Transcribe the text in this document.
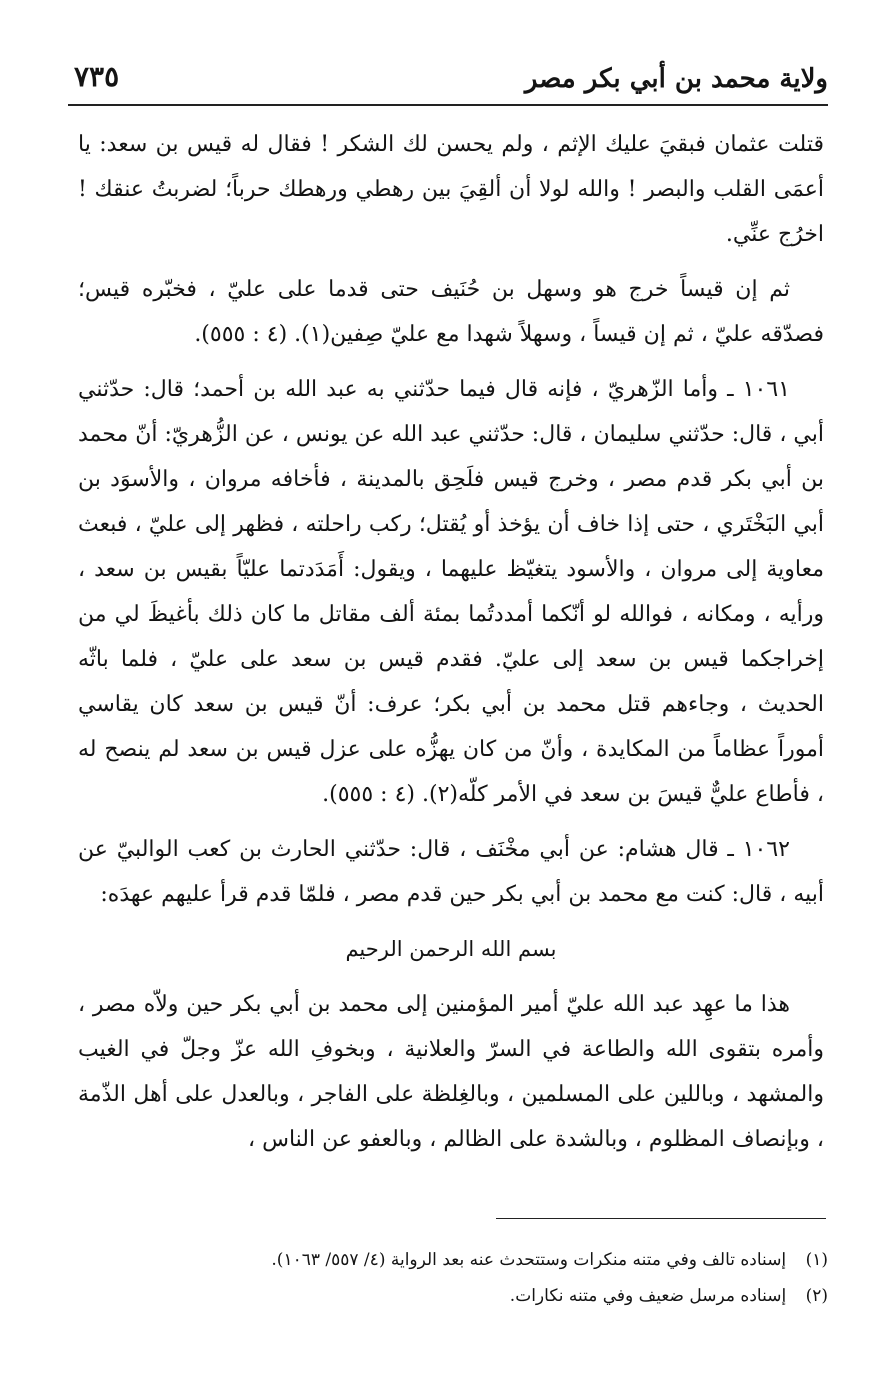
ولاية محمد بن أبي بكر مصر
٧٣٥

قتلت عثمان فبقيَ عليك الإثم ، ولم يحسن لك الشكر ! فقال له قيس بن سعد: يا أعمَى القلب والبصر ! والله لولا أن ألقِيَ بين رهطي ورهطك حرباً؛ لضربتُ عنقك ! اخرُج عنِّي.

ثم إن قيساً خرج هو وسهل بن حُنَيف حتى قدما على عليّ ، فخبّره قيس؛ فصدّقه عليّ ، ثم إن قيساً ، وسهلاً شهدا مع عليّ صِفين(١). (٤ : ٥٥٥).

١٠٦١ ـ وأما الزّهريّ ، فإنه قال فيما حدّثني به عبد الله بن أحمد؛ قال: حدّثني أبي ، قال: حدّثني سليمان ، قال: حدّثني عبد الله عن يونس ، عن الزُّهريّ: أنّ محمد بن أبي بكر قدم مصر ، وخرج قيس فلَحِق بالمدينة ، فأخافه مروان ، والأسوَد بن أبي البَخْتَري ، حتى إذا خاف أن يؤخذ أو يُقتل؛ ركب راحلته ، فظهر إلى عليّ ، فبعث معاوية إلى مروان ، والأسود يتغيّظ عليهما ، ويقول: أَمَدَدتما عليّاً بقيس بن سعد ، ورأيه ، ومكانه ، فوالله لو أنّكما أمددتُما بمئة ألف مقاتل ما كان ذلك بأغيظَ لي من إخراجكما قيس بن سعد إلى عليّ. فقدم قيس بن سعد على عليّ ، فلما باثّه الحديث ، وجاءهم قتل محمد بن أبي بكر؛ عرف: أنّ قيس بن سعد كان يقاسي أموراً عظاماً من المكايدة ، وأنّ من كان يهزُّه على عزل قيس بن سعد لم ينصح له ، فأطاع عليٌّ قيسَ بن سعد في الأمر كلّه(٢). (٤ : ٥٥٥).

١٠٦٢ ـ قال هشام: عن أبي مخْنَف ، قال: حدّثني الحارث بن كعب الوالبيّ عن أبيه ، قال: كنت مع محمد بن أبي بكر حين قدم مصر ، فلمّا قدم قرأ عليهم عهدَه:

بسم الله الرحمن الرحيم

هذا ما عهِد عبد الله عليّ أمير المؤمنين إلى محمد بن أبي بكر حين ولاّه مصر ، وأمره بتقوى الله والطاعة في السرّ والعلانية ، وبخوفِ الله عزّ وجلّ في الغيب والمشهد ، وباللين على المسلمين ، وبالغِلظة على الفاجر ، وبالعدل على أهل الذّمة ، وبإنصاف المظلوم ، وبالشدة على الظالم ، وبالعفو عن الناس ،

(١) إسناده تالف وفي متنه منكرات وستتحدث عنه بعد الرواية (٤/ ٥٥٧/ ١٠٦٣).

(٢) إسناده مرسل ضعيف وفي متنه نكارات.
